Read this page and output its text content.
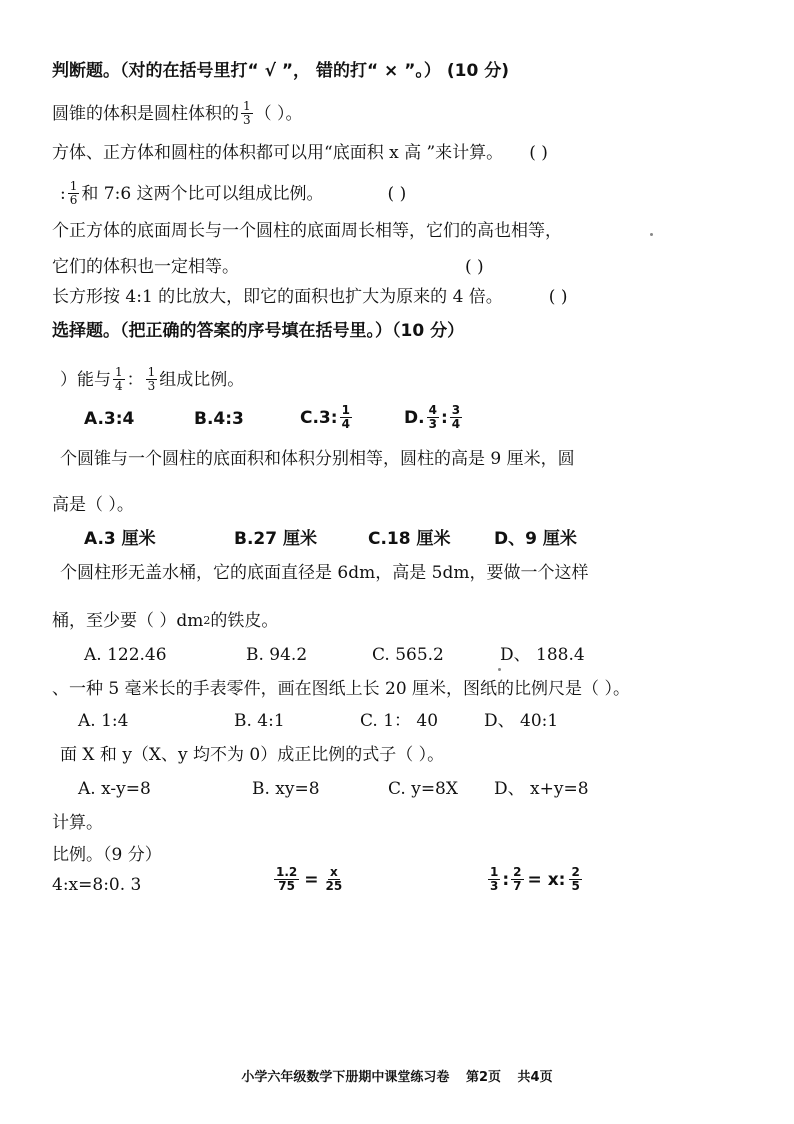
判断题。（对的在括号里打“ √ ”， 错的打“ × ”。） (10 分)
圆锥的体积是圆柱体积的 $\frac{1}{3}$ （ ）。
方体、正方体和圆柱的体积都可以用“底面积 x 高 ”来计算。 ( )
: $\frac{1}{6}$ 和 7:6 这两个比可以组成比例。	( )
个正方体的底面周长与一个圆柱的底面周长相等，它们的高也相等，
它们的体积也一定相等。	( )
长方形按 4:1 的比放大，即它的面积也扩大为原来的 4 倍。	( )
选择题。（把正确的答案的序号填在括号里。）（10 分）
）能与 $\frac{1}{4}$ ： $\frac{1}{3}$ 组成比例。
A.3:4	B.4:3	C.3: $\frac{1}{4}$	D. $\frac{4}{3}$ : $\frac{3}{4}$
个圆锥与一个圆柱的底面积和体积分别相等，圆柱的高是 9 厘米，圆
高是（ ）。
A.3 厘米	B.27 厘米	C.18 厘米	D、9 厘米
个圆柱形无盖水桶，它的底面直径是 6dm，高是 5dm，要做一个这样
桶，至少要（ ）dm 2 的铁皮。
A. 122.46	B. 94.2	C. 565.2	D、 188.4
、一种 5 毫米长的手表零件，画在图纸上长 20 厘米，图纸的比例尺是（ ）。
A. 1:4	B. 4:1	C. 1： 40	D、 40:1
面 X 和 y（X、y 均不为 0）成正比例的式子（ ）。
A. x-y=8	B. xy=8	C. y=8X D、 x+y=8
计算。
比例。（9 分）
4:x=8:0. 3	$\frac{1.2}{75} = \frac{x}{25}$	$\frac{1}{3}$ : $\frac{2}{7} = x$: $\frac{2}{5}$
小学六年级数学下册期中课堂练习卷 第2页 共4页
